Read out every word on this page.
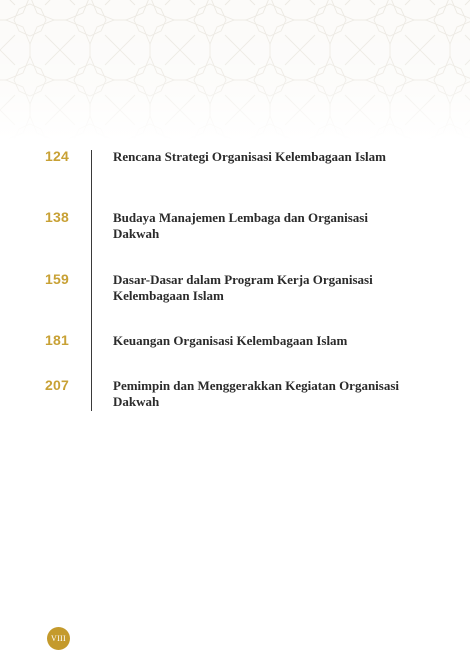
124	Rencana Strategi Organisasi Kelembagaan Islam
138	Budaya Manajemen Lembaga dan Organisasi Dakwah
159	Dasar-Dasar dalam Program Kerja Organisasi Kelembagaan Islam
181	Keuangan Organisasi Kelembagaan Islam
207	Pemimpin dan Menggerakkan Kegiatan Organisasi Dakwah
VIII
